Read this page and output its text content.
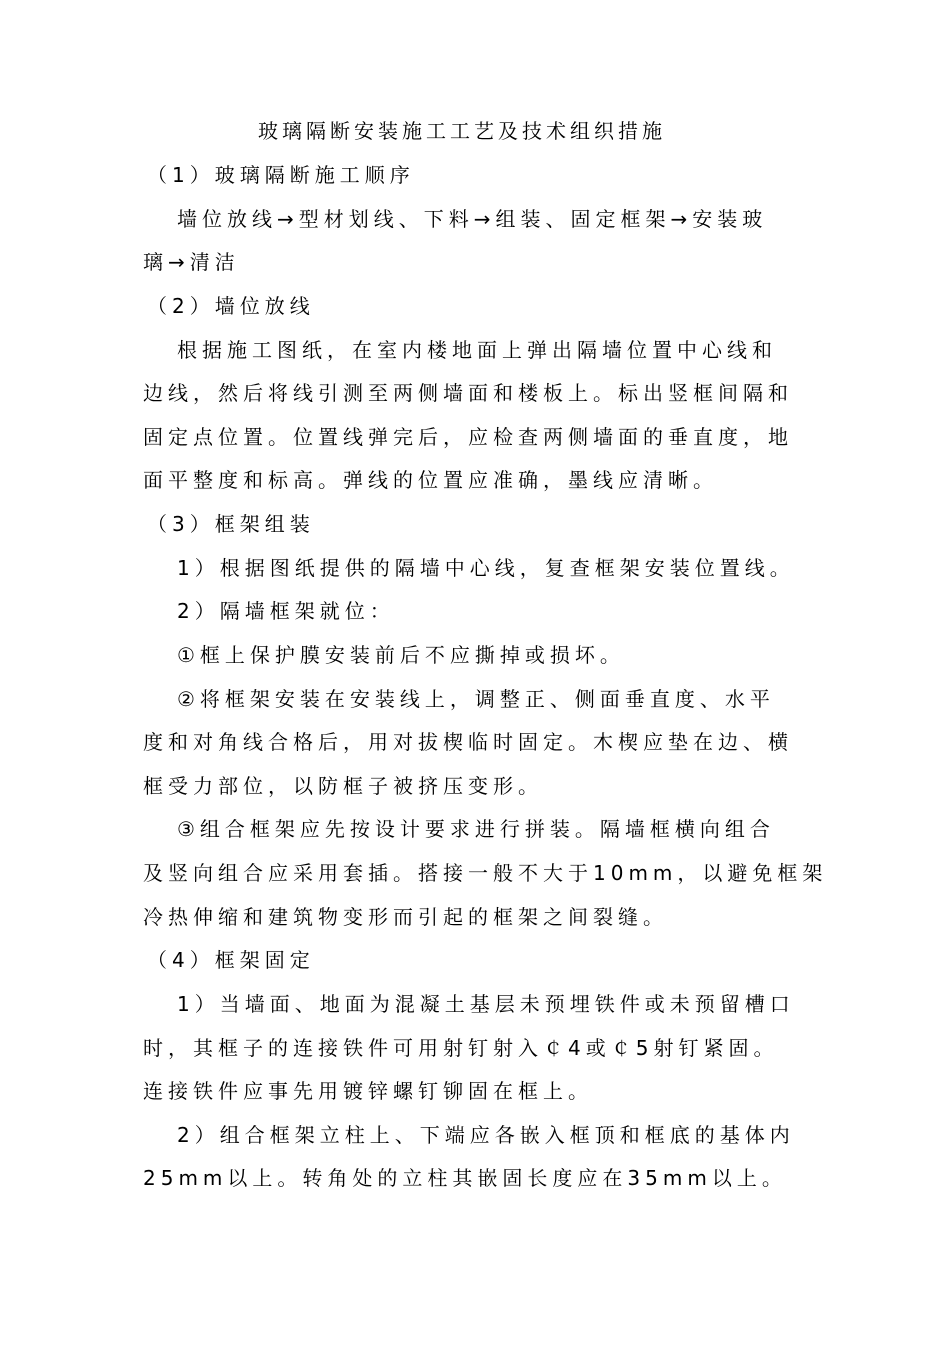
玻璃隔断安装施工工艺及技术组织措施
（1）玻璃隔断施工顺序
墙位放线→型材划线、下料→组装、固定框架→安装玻
璃→清洁
（2）墙位放线
根据施工图纸，在室内楼地面上弹出隔墙位置中心线和
边线，然后将线引测至两侧墙面和楼板上。标出竖框间隔和
固定点位置。位置线弹完后，应检查两侧墙面的垂直度，地
面平整度和标高。弹线的位置应准确，墨线应清晰。
（3）框架组装
1）根据图纸提供的隔墙中心线，复查框架安装位置线。
2）隔墙框架就位：
①框上保护膜安装前后不应撕掉或损坏。
②将框架安装在安装线上，调整正、侧面垂直度、水平
度和对角线合格后，用对拔楔临时固定。木楔应垫在边、横
框受力部位，以防框子被挤压变形。
③组合框架应先按设计要求进行拼装。隔墙框横向组合
及竖向组合应采用套插。搭接一般不大于10mm，以避免框架
冷热伸缩和建筑物变形而引起的框架之间裂缝。
（4）框架固定
1）当墙面、地面为混凝土基层未预埋铁件或未预留槽口
时，其框子的连接铁件可用射钉射入￠4或￠5射钉紧固。
连接铁件应事先用镀锌螺钉铆固在框上。
2）组合框架立柱上、下端应各嵌入框顶和框底的基体内
25mm以上。转角处的立柱其嵌固长度应在35mm以上。
